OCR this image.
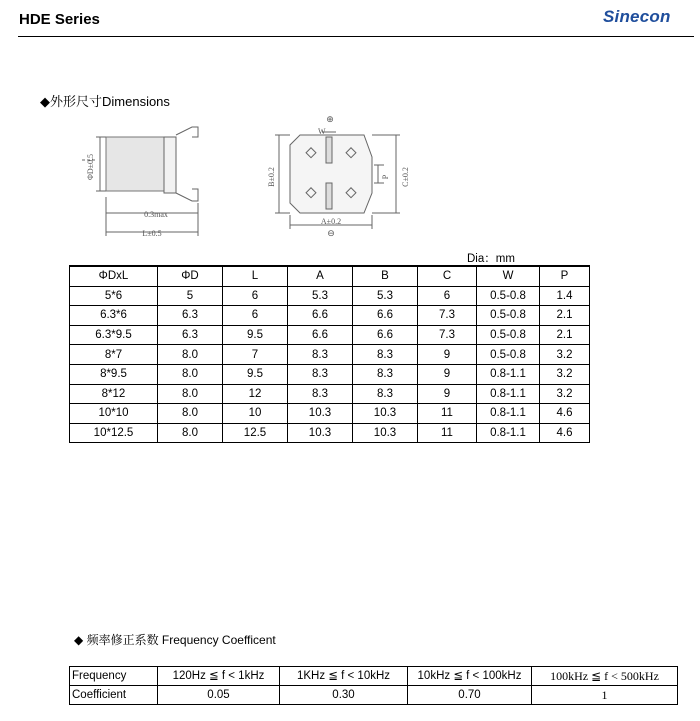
HDE Series	Sinecon
◆外形尺寸Dimensions
ΦD±0.5
0.3max
L±0.5
⊕
W
B±0.2	P C±0.2
A±0.2
⊖
Dia：mm
ΦDxL	ΦD	L	A	B	C	W	P
5*6	5	6	5.3	5.3	6	0.5-0.8	1.4
6.3*6	6.3	6	6.6	6.6	7.3	0.5-0.8	2.1
6.3*9.5	6.3	9.5	6.6	6.6	7.3	0.5-0.8	2.1
8*7	8.0	7	8.3	8.3	9	0.5-0.8	3.2
8*9.5	8.0	9.5	8.3	8.3	9	0.8-1.1	3.2
8*12	8.0	12	8.3	8.3	9	0.8-1.1	3.2
10*10	8.0	10	10.3	10.3	11	0.8-1.1	4.6
10*12.5	8.0	12.5	10.3	10.3	11	0.8-1.1	4.6
◆ 频率修正系数 Frequency Coefficent
Frequency	120Hz ≦ f < 1kHz	1KHz ≦ f < 10kHz	10kHz ≦ f < 100kHz	100kHz ≦ f < 500kHz
Coefficient	0.05	0.30	0.70	1
